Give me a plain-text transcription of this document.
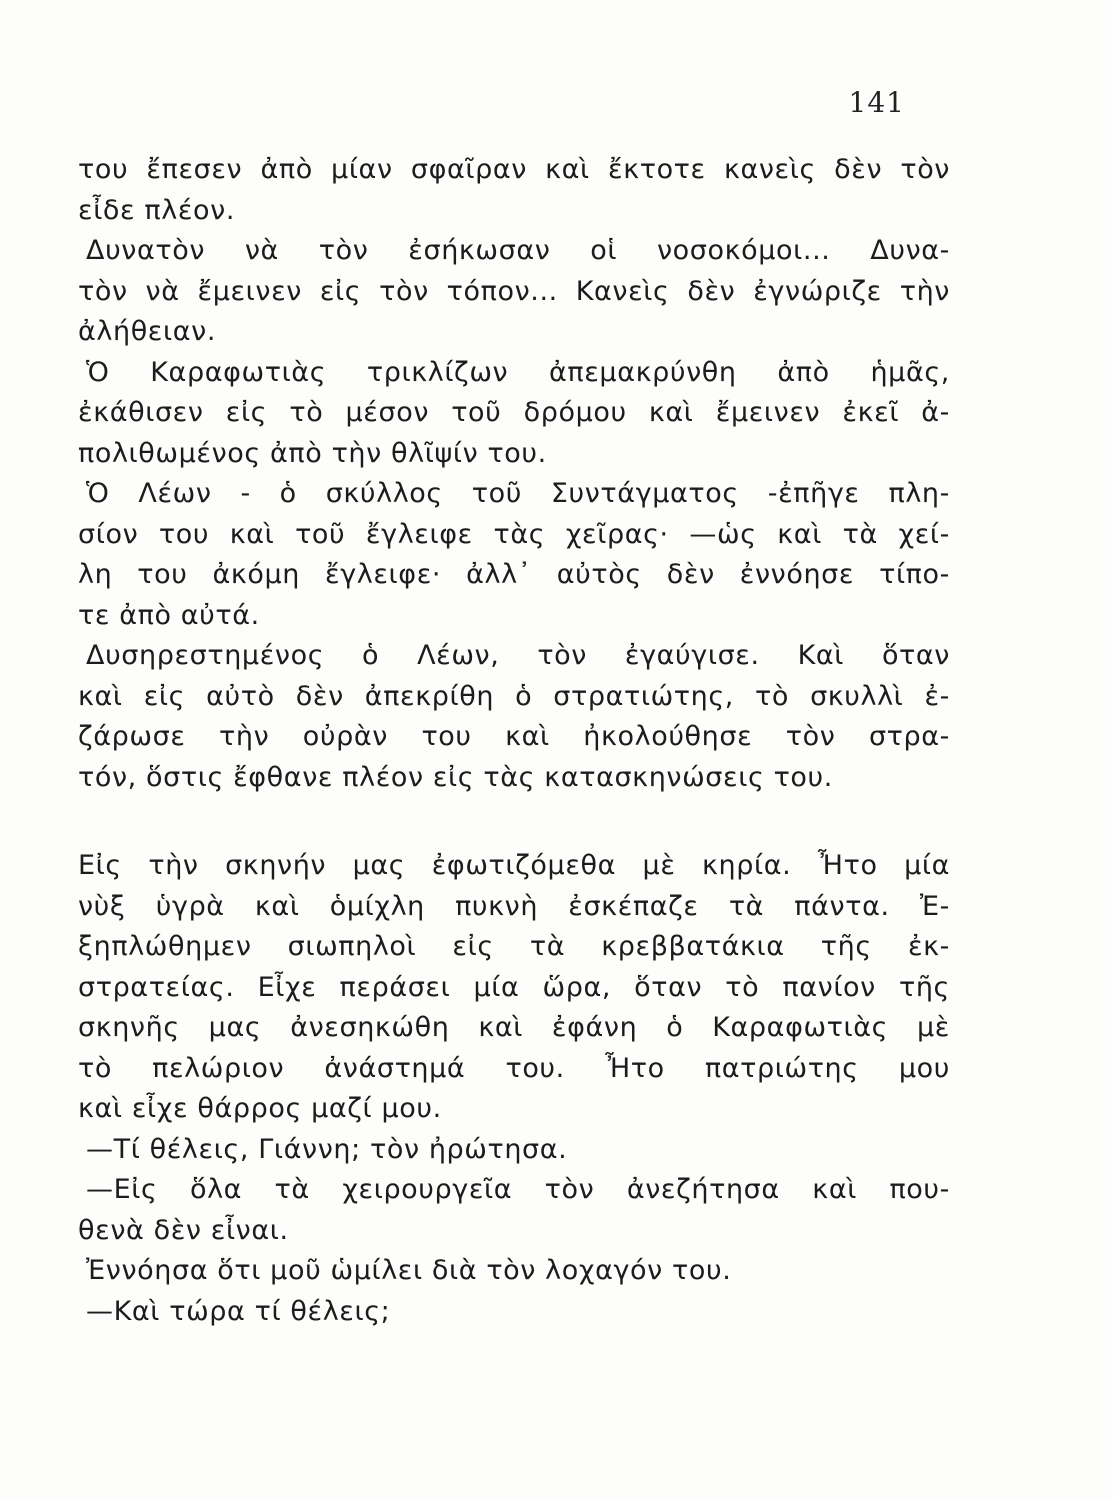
141
του ἔπεσεν ἀπὸ μίαν σφαῖραν καὶ ἔκτοτε κανεὶς δὲν τὸν
εἶδε πλέον.
Δυνατὸν νὰ τὸν ἐσήκωσαν οἱ νοσοκόμοι... Δυνα-
τὸν νὰ ἔμεινεν εἰς τὸν τόπον... Κανεὶς δὲν ἐγνώριζε τὴν
ἀλήθειαν.
Ὁ Καραφωτιὰς τρικλίζων ἀπεμακρύνθη ἀπὸ ἡμᾶς,
ἐκάθισεν εἰς τὸ μέσον τοῦ δρόμου καὶ ἔμεινεν ἐκεῖ ἀ-
πολιθωμένος ἀπὸ τὴν θλῖψίν του.
Ὁ Λέων - ὁ σκύλλος τοῦ Συντάγματος -ἐπῆγε πλη-
σίον του καὶ τοῦ ἔγλειφε τὰς χεῖρας· —ὡς καὶ τὰ χεί-
λη του ἀκόμη ἔγλειφε· ἀλλ᾿ αὐτὸς δὲν ἐννόησε τίπο-
τε ἀπὸ αὐτά.
Δυσηρεστημένος ὁ Λέων, τὸν ἐγαύγισε. Καὶ ὅταν
καὶ εἰς αὐτὸ δὲν ἀπεκρίθη ὁ στρατιώτης, τὸ σκυλλὶ ἐ-
ζάρωσε τὴν οὐρὰν του καὶ ἠκολούθησε τὸν στρα-
τόν, ὅστις ἔφθανε πλέον εἰς τὰς κατασκηνώσεις του.
Εἰς τὴν σκηνήν μας ἐφωτιζόμεθα μὲ κηρία. Ἦτο μία
νὺξ ὑγρὰ καὶ ὁμίχλη πυκνὴ ἐσκέπαζε τὰ πάντα. Ἐ-
ξηπλώθημεν σιωπηλοὶ εἰς τὰ κρεββατάκια τῆς ἐκ-
στρατείας. Εἶχε περάσει μία ὥρα, ὅταν τὸ πανίον τῆς
σκηνῆς μας ἀνεσηκώθη καὶ ἐφάνη ὁ Καραφωτιὰς μὲ
τὸ πελώριον ἀνάστημά του. Ἦτο πατριώτης μου
καὶ εἶχε θάρρος μαζί μου.
—Τί θέλεις, Γιάννη; τὸν ἠρώτησα.
—Εἰς ὅλα τὰ χειρουργεῖα τὸν ἀνεζήτησα καὶ που-
θενὰ δὲν εἶναι.
Ἐννόησα ὅτι μοῦ ὡμίλει διὰ τὸν λοχαγόν του.
—Καὶ τώρα τί θέλεις;
